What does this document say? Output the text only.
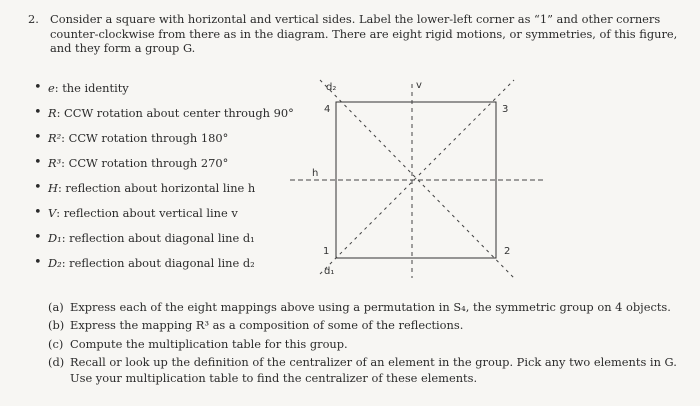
2. Consider a square with horizontal and vertical sides. Label the lower-left corner as “1” and other corners counter-clockwise from there as in the diagram. There are eight rigid motions, or symmetries, of this figure, and they form a group G.
• e : the identity
• R : CCW rotation about center through 90°
• R² : CCW rotation through 180°
• R³ : CCW rotation through 270°
• H : reflection about horizontal line h
• V : reflection about vertical line v
• D₁ : reflection about diagonal line d₁
• D₂ : reflection about diagonal line d₂
1	2
3
4
h
v
d₁
d₂
(a) Express each of the eight mappings above using a permutation in S₄, the symmetric group on 4 objects.
(b) Express the mapping R³ as a composition of some of the reflections.
(c) Compute the multiplication table for this group.
(d) Recall or look up the definition of the centralizer of an element in the group. Pick any two elements in G. Use your multiplication table to find the centralizer of these elements.
